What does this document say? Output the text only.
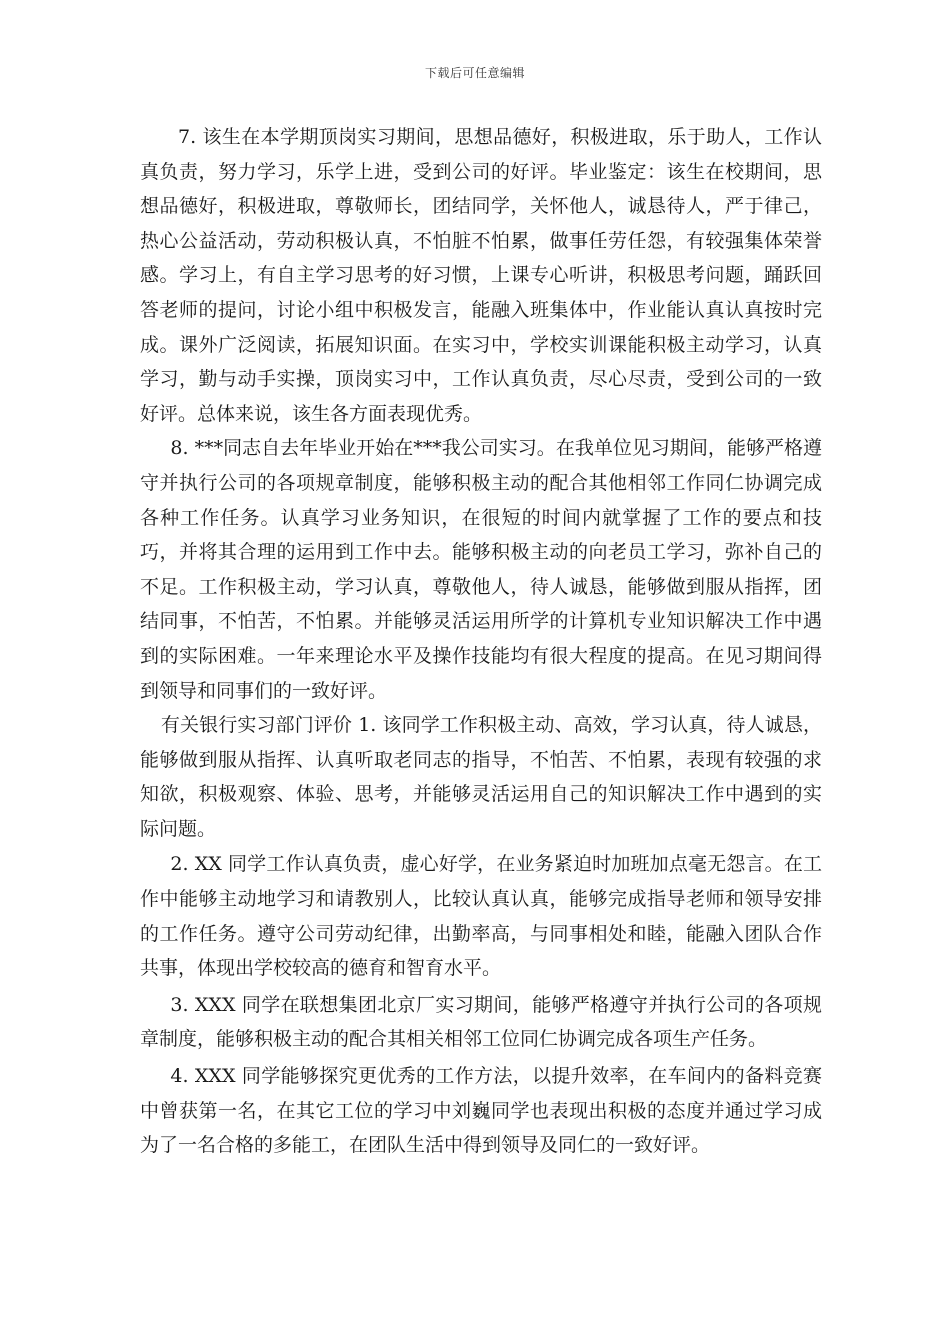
下载后可任意编辑

7. 该生在本学期顶岗实习期间，思想品德好，积极进取，乐于助人，工作认真负责，努力学习，乐学上进，受到公司的好评。毕业鉴定：该生在校期间，思想品德好，积极进取，尊敬师长，团结同学，关怀他人，诚恳待人，严于律己，热心公益活动，劳动积极认真，不怕脏不怕累，做事任劳任怨，有较强集体荣誉感。学习上，有自主学习思考的好习惯，上课专心听讲，积极思考问题，踊跃回答老师的提问，讨论小组中积极发言，能融入班集体中，作业能认真认真按时完成。课外广泛阅读，拓展知识面。在实习中，学校实训课能积极主动学习，认真学习，勤与动手实操，顶岗实习中，工作认真负责，尽心尽责，受到公司的一致好评。总体来说，该生各方面表现优秀。

8. ***同志自去年毕业开始在***我公司实习。在我单位见习期间，能够严格遵守并执行公司的各项规章制度，能够积极主动的配合其他相邻工作同仁协调完成各种工作任务。认真学习业务知识，在很短的时间内就掌握了工作的要点和技巧，并将其合理的运用到工作中去。能够积极主动的向老员工学习，弥补自己的不足。工作积极主动，学习认真，尊敬他人，待人诚恳，能够做到服从指挥，团结同事，不怕苦，不怕累。并能够灵活运用所学的计算机专业知识解决工作中遇到的实际困难。一年来理论水平及操作技能均有很大程度的提高。在见习期间得到领导和同事们的一致好评。

有关银行实习部门评价 1. 该同学工作积极主动、高效，学习认真，待人诚恳，能够做到服从指挥、认真听取老同志的指导，不怕苦、不怕累，表现有较强的求知欲，积极观察、体验、思考，并能够灵活运用自己的知识解决工作中遇到的实际问题。

2. XX 同学工作认真负责，虚心好学，在业务紧迫时加班加点毫无怨言。在工作中能够主动地学习和请教别人，比较认真认真，能够完成指导老师和领导安排的工作任务。遵守公司劳动纪律，出勤率高，与同事相处和睦，能融入团队合作共事，体现出学校较高的德育和智育水平。

3. XXX 同学在联想集团北京厂实习期间，能够严格遵守并执行公司的各项规章制度，能够积极主动的配合其相关相邻工位同仁协调完成各项生产任务。

4. XXX 同学能够探究更优秀的工作方法，以提升效率，在车间内的备料竞赛中曾获第一名，在其它工位的学习中刘巍同学也表现出积极的态度并通过学习成为了一名合格的多能工，在团队生活中得到领导及同仁的一致好评。
